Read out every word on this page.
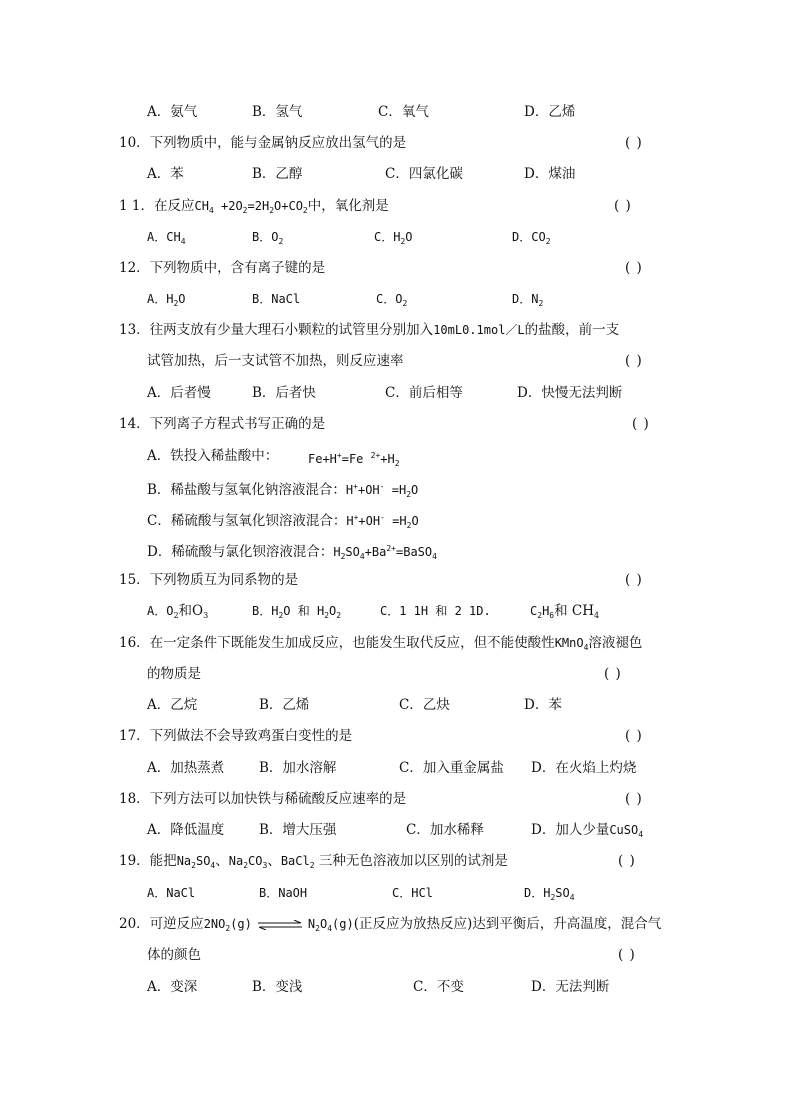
A．氨气	B．氢气	C．氧气	D．乙烯
10．下列物质中，能与金属钠反应放出氢气的是	( )
A．苯	B．乙醇	C．四氯化碳	D．煤油
1 1．在反应$CH_4 +2O_2=2H_2O+CO_2$中，氧化剂是	( )
A．$CH_4$	B．$O_2$	C．$H_2O$	D．$CO_2$
12．下列物质中，含有离子键的是	( )
A．$H_2O$	B．NaCl	C．$O_2$	D．$N_2$
13．往两支放有少量大理石小颗粒的试管里分别加入10mL0.1mol／L的盐酸，前一支
试管加热，后一支试管不加热，则反应速率	( )
A．后者慢	B．后者快	C．前后相等	D．快慢无法判断
14．下列离子方程式书写正确的是	( )
A．铁投入稀盐酸中： Fe+H+=Fe $^{2+}+H_2$
B．稀盐酸与氢氧化钠溶液混合：$H^++OH^- =H_2O$
C．稀硫酸与氢氧化钡溶液混合：$H^++OH^- =H_2O$
D．稀硫酸与氯化钡溶液混合：$H_2SO_4+Ba^{2+}=BaSO_4$
15．下列物质互为同系物的是	( )
A．$O_2$和$O_3$	B．$H_2O$ 和 $H_2O_2$	C．1 1H 和 2 1D.	$C_2H_6$和 $CH_4$
16．在一定条件下既能发生加成反应，也能发生取代反应，但不能使酸性KMnO$_4$溶液褪色
的物质是	( )
A．乙烷	B．乙烯	C．乙炔	D．苯
17．下列做法不会导致鸡蛋白变性的是	( )
A．加热蒸煮	B．加水溶解	C．加入重金属盐 D．在火焰上灼烧
18．下列方法可以加快铁与稀硫酸反应速率的是	( )
A．降低温度	B．增大压强	C．加水稀释	D．加人少量CuSO$_4$
19．能把$Na_2SO_4$、$Na_2CO_3$、BaCl$_2$ 三种无色溶液加以区别的试剂是	( )
A．NaCl	B．NaOH	C．HCl	D．$H_2SO_4$
20．可逆反应$2NO_2(g)$ ⇌ $N_2O_4(g)$(正反应为放热反应)达到平衡后，升高温度，混合气
体的颜色	( )
A．变深	B．变浅	C．不变	D．无法判断
